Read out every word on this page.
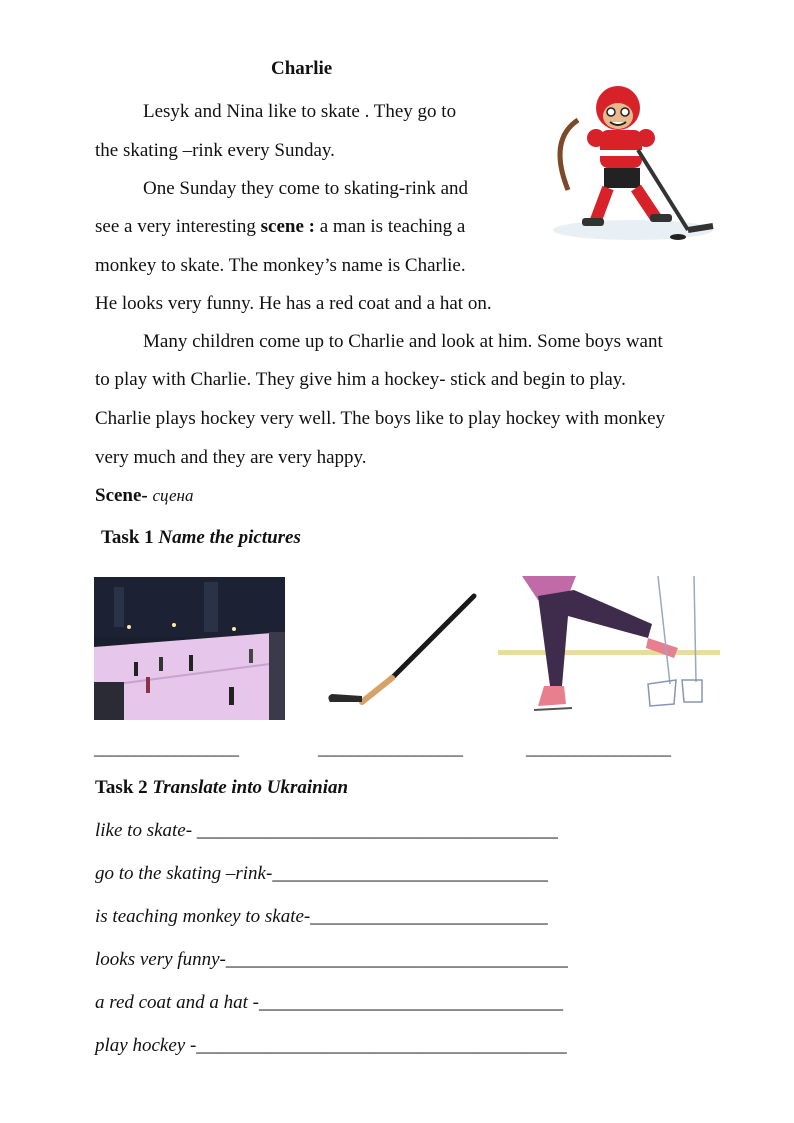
Charlie
Lesyk and Nina like to skate . They go to
the skating –rink every Sunday.
One Sunday they come to skating-rink and
see a very interesting scene : a man is teaching a
monkey to skate. The monkey’s name is Charlie.
He looks very funny. He has a red coat and a hat on.
Many children come up to Charlie and look at him. Some boys want
to play with Charlie. They give him a hockey- stick and begin to play.
Charlie plays hockey very well. The boys like to play hockey with monkey
very much and they are very happy.
Scene- сцена
Task 1 Name the pictures
__________________	__________________	__________________
Task 2 Translate into Ukrainian
like to skate- ______________________________________
go to the skating –rink-_____________________________
is teaching monkey to skate-_________________________
looks very funny-____________________________________
a red coat and a hat -________________________________
play hockey -_______________________________________
